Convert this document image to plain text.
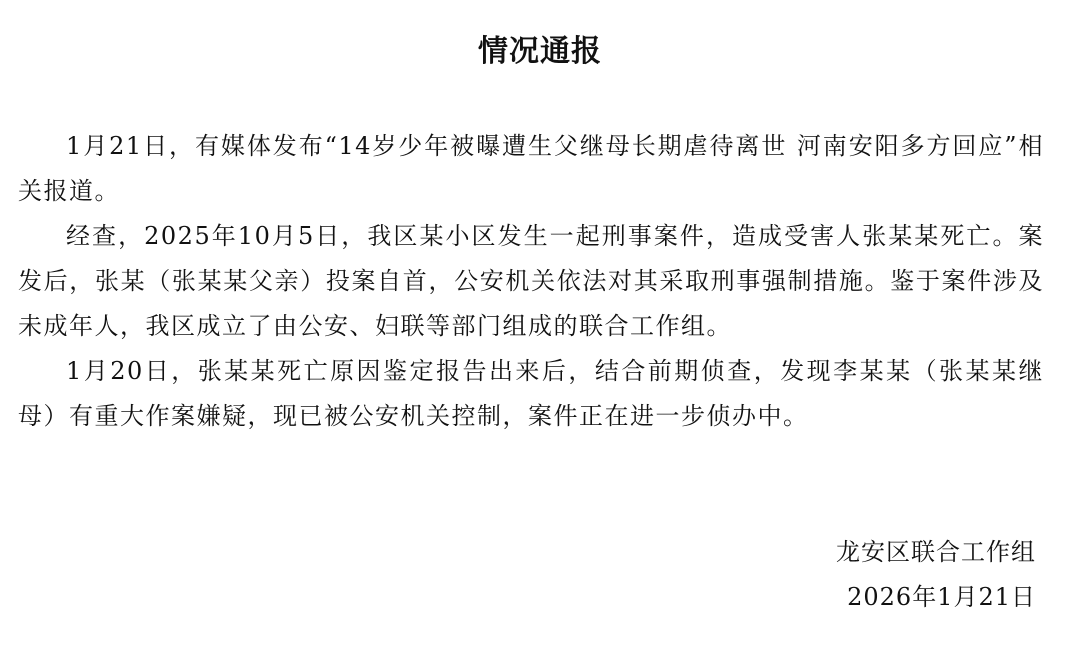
情况通报

1月21日，有媒体发布“14岁少年被曝遭生父继母长期虐待离世 河南安阳多方回应”相关报道。

经查，2025年10月5日，我区某小区发生一起刑事案件，造成受害人张某某死亡。案发后，张某（张某某父亲）投案自首，公安机关依法对其采取刑事强制措施。鉴于案件涉及未成年人，我区成立了由公安、妇联等部门组成的联合工作组。

1月20日，张某某死亡原因鉴定报告出来后，结合前期侦查，发现李某某（张某某继母）有重大作案嫌疑，现已被公安机关控制，案件正在进一步侦办中。

龙安区联合工作组

2026年1月21日
